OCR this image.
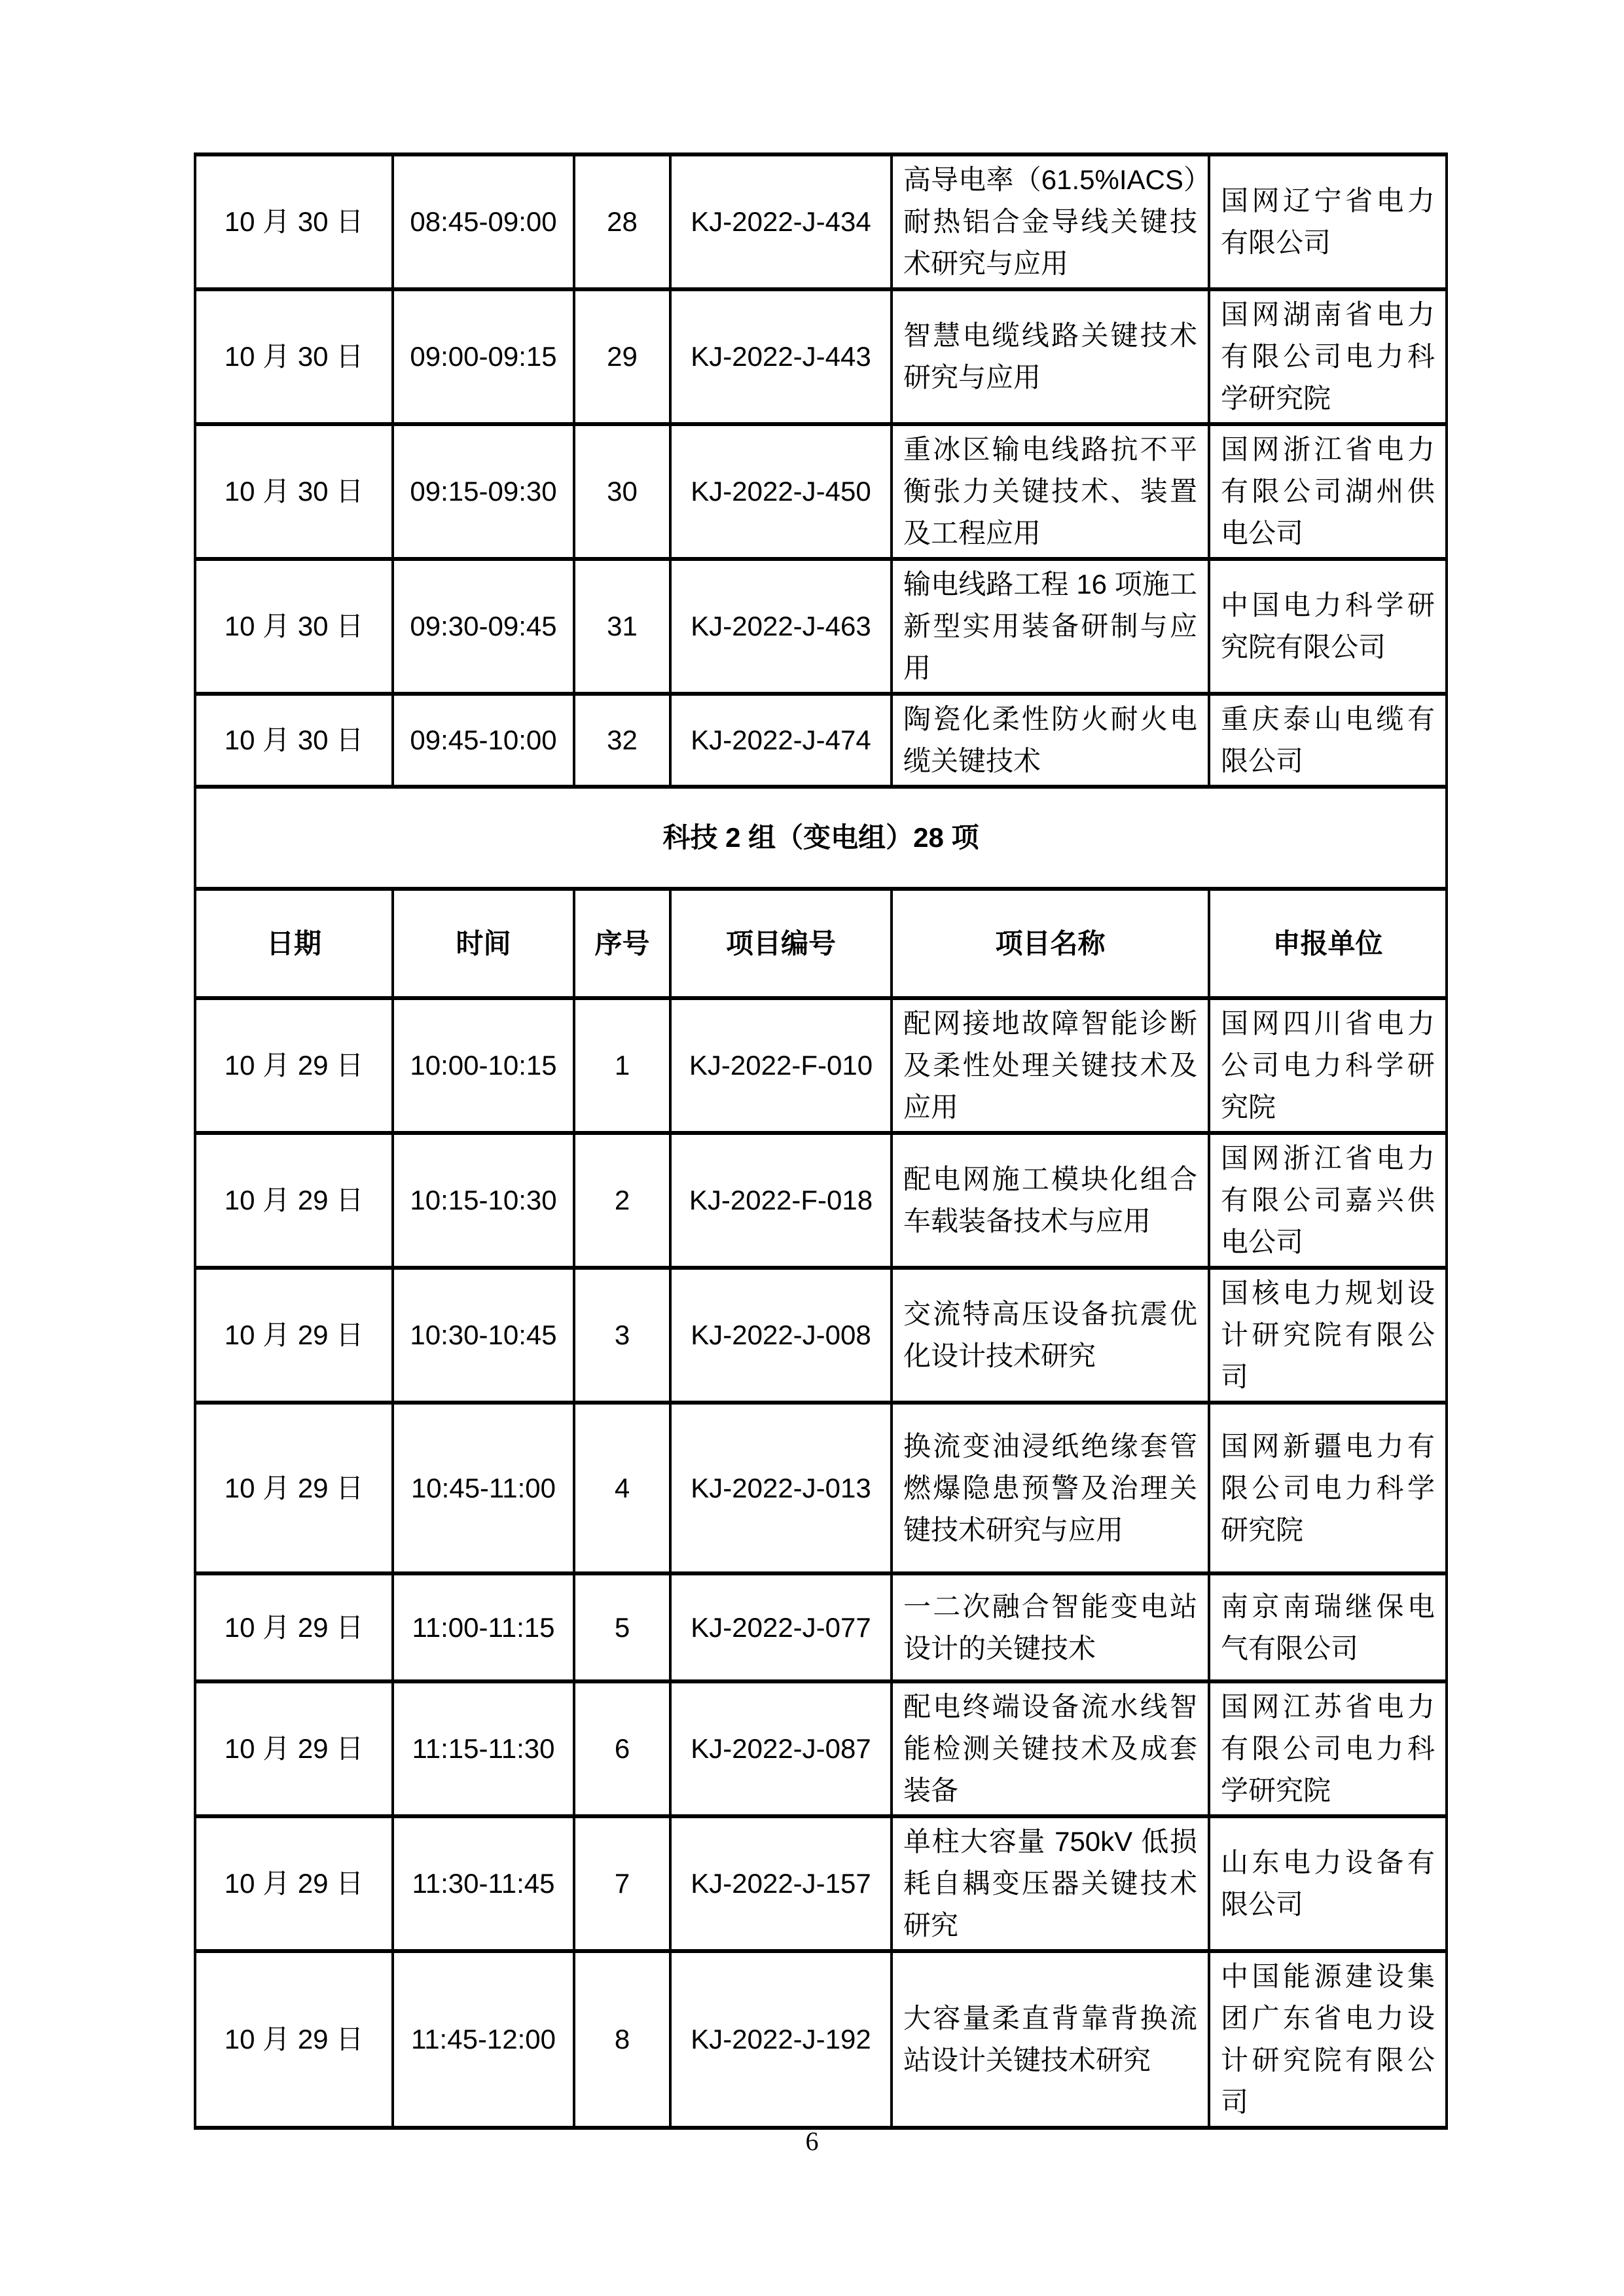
10 月 30 日	08:45-09:00	28	KJ-2022-J-434	高导电率（61.5%IACS）耐热铝合金导线关键技术研究与应用	国网辽宁省电力有限公司
10 月 30 日	09:00-09:15	29	KJ-2022-J-443	智慧电缆线路关键技术研究与应用	国网湖南省电力有限公司电力科学研究院
10 月 30 日	09:15-09:30	30	KJ-2022-J-450	重冰区输电线路抗不平衡张力关键技术、装置及工程应用	国网浙江省电力有限公司湖州供电公司
10 月 30 日	09:30-09:45	31	KJ-2022-J-463	输电线路工程 16 项施工新型实用装备研制与应用	中国电力科学研究院有限公司
10 月 30 日	09:45-10:00	32	KJ-2022-J-474	陶瓷化柔性防火耐火电缆关键技术	重庆泰山电缆有限公司
科技 2 组（变电组）28 项					
日期	时间	序号	项目编号	项目名称	申报单位
10 月 29 日	10:00-10:15	1	KJ-2022-F-010	配网接地故障智能诊断及柔性处理关键技术及应用	国网四川省电力公司电力科学研究院
10 月 29 日	10:15-10:30	2	KJ-2022-F-018	配电网施工模块化组合车载装备技术与应用	国网浙江省电力有限公司嘉兴供电公司
10 月 29 日	10:30-10:45	3	KJ-2022-J-008	交流特高压设备抗震优化设计技术研究	国核电力规划设计研究院有限公司
10 月 29 日	10:45-11:00	4	KJ-2022-J-013	换流变油浸纸绝缘套管燃爆隐患预警及治理关键技术研究与应用	国网新疆电力有限公司电力科学研究院
10 月 29 日	11:00-11:15	5	KJ-2022-J-077	一二次融合智能变电站设计的关键技术	南京南瑞继保电气有限公司
10 月 29 日	11:15-11:30	6	KJ-2022-J-087	配电终端设备流水线智能检测关键技术及成套装备	国网江苏省电力有限公司电力科学研究院
10 月 29 日	11:30-11:45	7	KJ-2022-J-157	单柱大容量 750kV 低损耗自耦变压器关键技术研究	山东电力设备有限公司
10 月 29 日	11:45-12:00	8	KJ-2022-J-192	大容量柔直背靠背换流站设计关键技术研究	中国能源建设集团广东省电力设计研究院有限公司
6
